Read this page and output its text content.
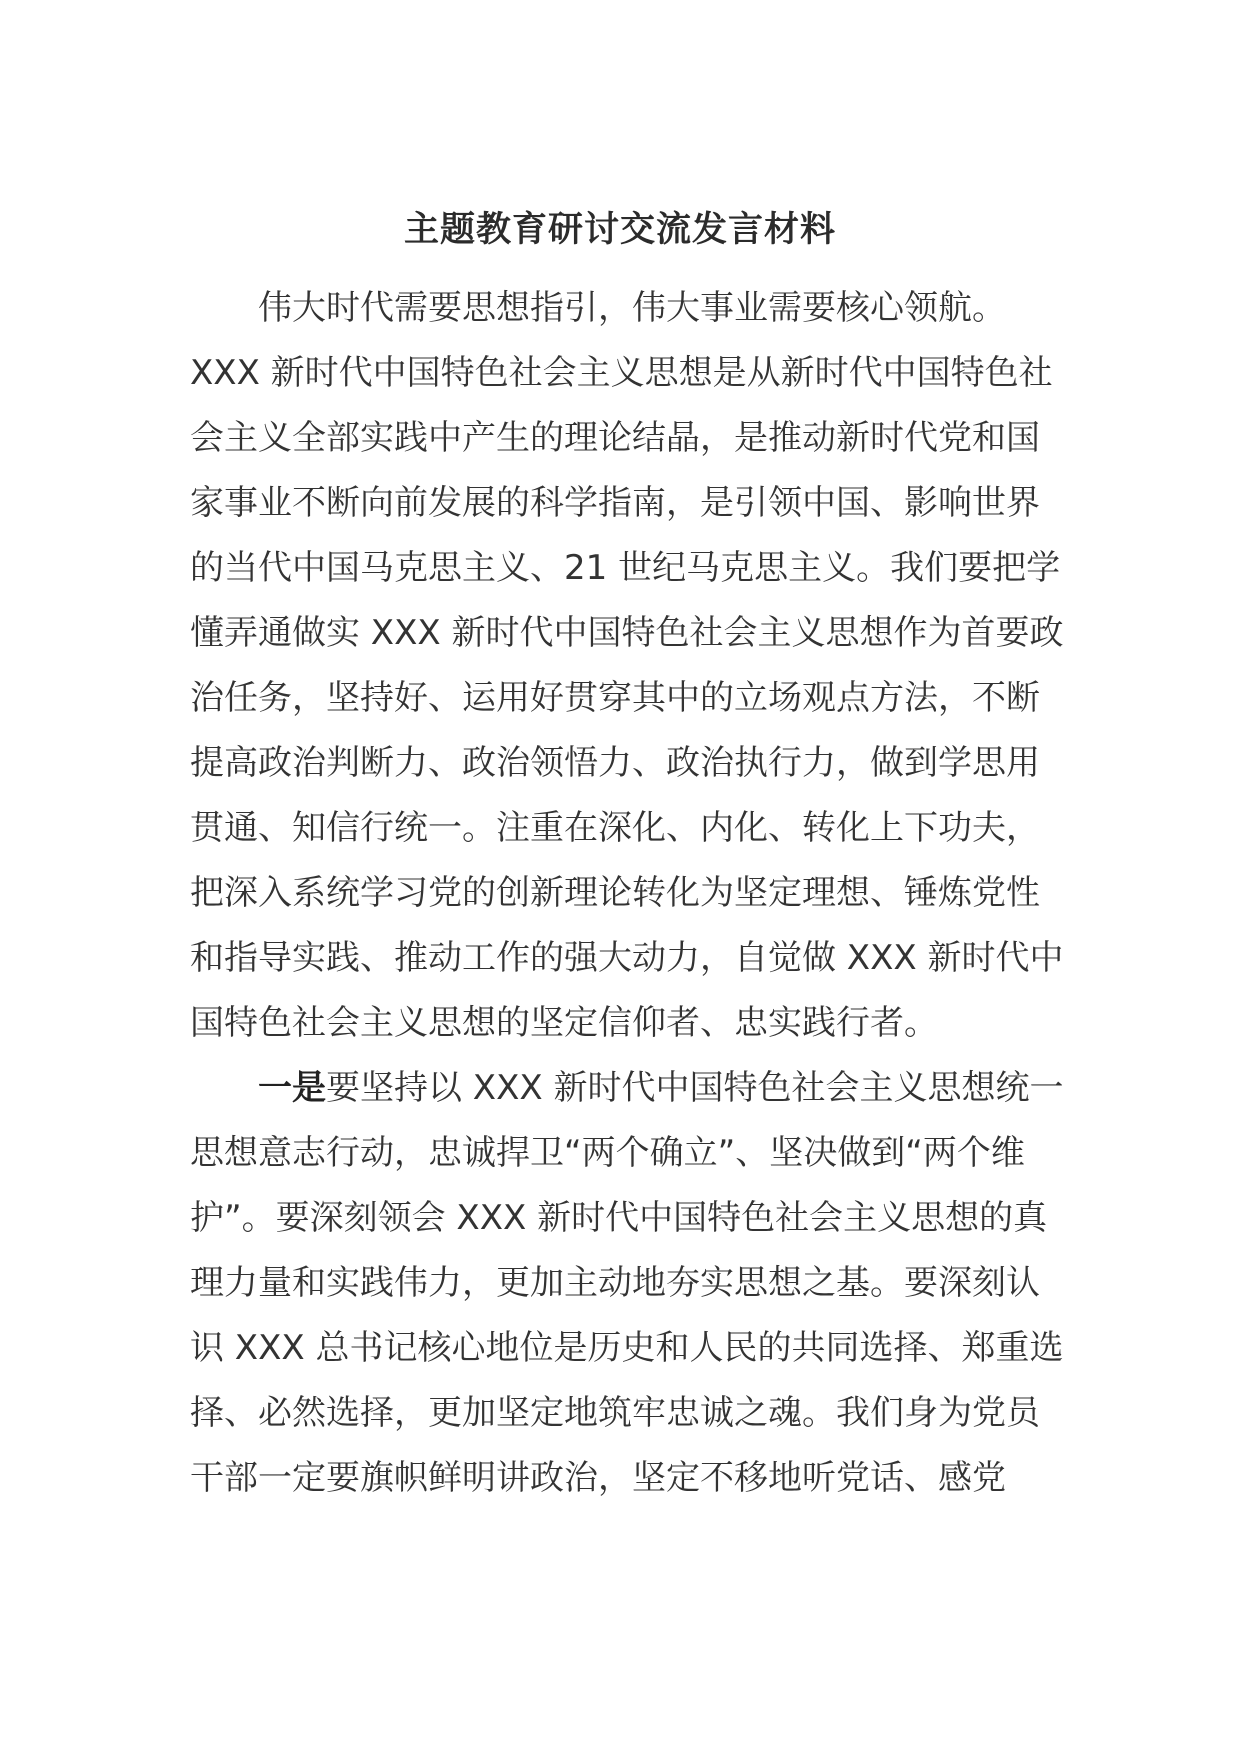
主题教育研讨交流发言材料

伟大时代需要思想指引，伟大事业需要核心领航。XXX 新时代中国特色社会主义思想是从新时代中国特色社会主义全部实践中产生的理论结晶，是推动新时代党和国家事业不断向前发展的科学指南，是引领中国、影响世界的当代中国马克思主义、21 世纪马克思主义。我们要把学懂弄通做实 XXX 新时代中国特色社会主义思想作为首要政治任务，坚持好、运用好贯穿其中的立场观点方法，不断提高政治判断力、政治领悟力、政治执行力，做到学思用贯通、知信行统一。注重在深化、内化、转化上下功夫，把深入系统学习党的创新理论转化为坚定理想、锤炼党性和指导实践、推动工作的强大动力，自觉做 XXX 新时代中国特色社会主义思想的坚定信仰者、忠实践行者。

一是要坚持以 XXX 新时代中国特色社会主义思想统一思想意志行动，忠诚捍卫“两个确立”、坚决做到“两个维护”。要深刻领会 XXX 新时代中国特色社会主义思想的真理力量和实践伟力，更加主动地夯实思想之基。要深刻认识 XXX 总书记核心地位是历史和人民的共同选择、郑重选择、必然选择，更加坚定地筑牢忠诚之魂。我们身为党员干部一定要旗帜鲜明讲政治，坚定不移地听党话、感党
